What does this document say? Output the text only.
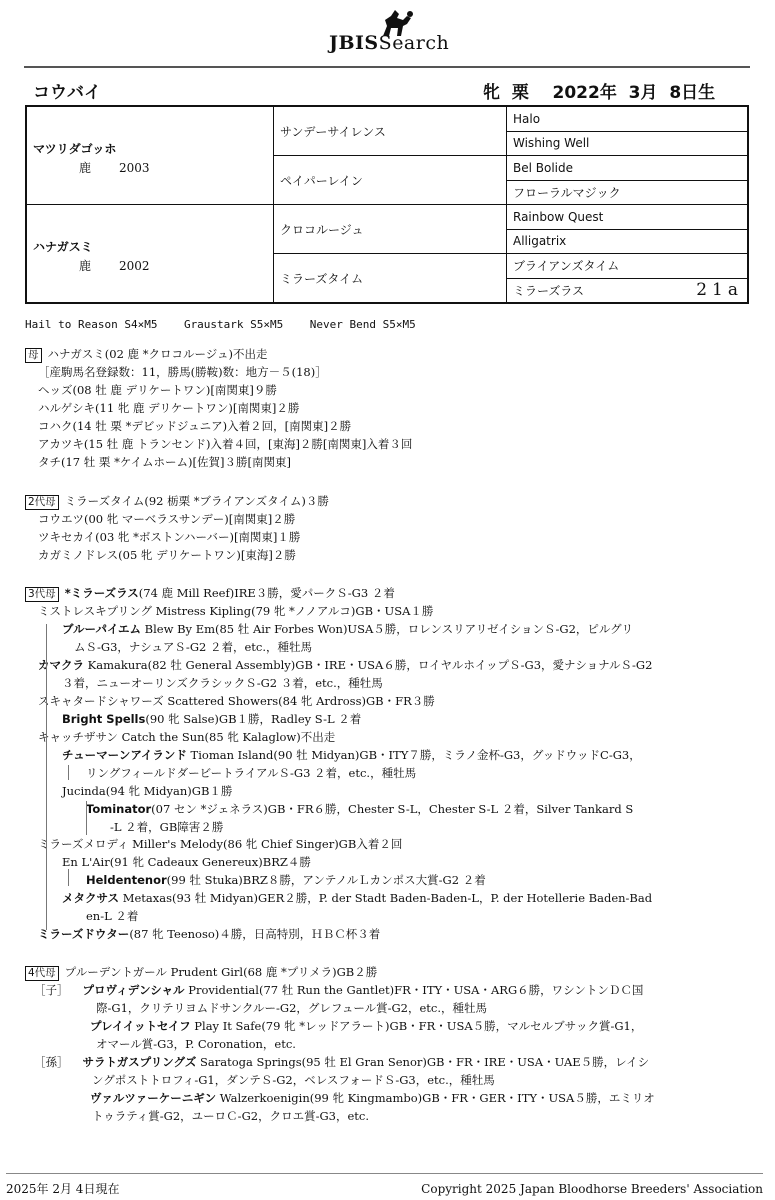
JBISSearch
コウバイ	牝  栗    2022年  3月  8日生
マツリダゴッホ
鹿 2003	サンデーサイレンス	Halo
		Wishing Well
	ペイパーレイン	Bel Bolide
		フローラルマジック

ハナガスミ
鹿 2002	クロコルージュ	Rainbow Quest
		Alligatrix
	ミラーズタイム	ブライアンズタイム
		ミラーズラス 21a
Hail to Reason S4×M5    Graustark S5×M5    Never Bend S5×M5
母 ハナガスミ(02 鹿 *クロコルージュ)不出走
［産駒馬名登録数：11，勝馬(勝鞍)数：地方－５(18)］
ヘッズ(08 牡 鹿 デリケートワン)[南関東]９勝
ハルゲシキ(11 牝 鹿 デリケートワン)[南関東]２勝
コハク(14 牡 栗 *デビッドジュニア)入着２回，[南関東]２勝
アカツキ(15 牡 鹿 トランセンド)入着４回，[東海]２勝[南関東]入着３回
タチ(17 牡 栗 *ケイムホーム)[佐賀]３勝[南関東]
2代母 ミラーズタイム(92 栃栗 *ブライアンズタイム)３勝
コウエツ(00 牝 マーベラスサンデー)[南関東]２勝
ツキセカイ(03 牝 *ボストンハーバー)[南関東]１勝
カガミノドレス(05 牝 デリケートワン)[東海]２勝
3代母 *ミラーズラス(74 鹿 Mill Reef)IRE３勝，愛パークＳ-G3 ２着
ミストレスキプリング Mistress Kipling(79 牝 *ノノアルコ)GB・USA１勝
ブルーパイエム Blew By Em(85 牡 Air Forbes Won)USA５勝，ロレンスリアリゼイションＳ-G2，ピルグリ
ムＳ-G3，ナシュアＳ-G2 ２着，etc.，種牡馬
カマクラ Kamakura(82 牡 General Assembly)GB・IRE・USA６勝，ロイヤルホイップＳ-G3，愛ナショナルＳ-G2
３着，ニューオーリンズクラシックＳ-G2 ３着，etc.，種牡馬
スキャタードシャワーズ Scattered Showers(84 牝 Ardross)GB・FR３勝
Bright Spells(90 牝 Salse)GB１勝，Radley S-L ２着
キャッチザサン Catch the Sun(85 牝 Kalaglow)不出走
チューマーンアイランド Tioman Island(90 牡 Midyan)GB・ITY７勝，ミラノ金杯-G3，グッドウッドC-G3，
リングフィールドダービートライアルＳ-G3 ２着，etc.，種牡馬
Jucinda(94 牝 Midyan)GB１勝
Tominator(07 セン *ジェネラス)GB・FR６勝，Chester S-L，Chester S-L ２着，Silver Tankard S
-L ２着，GB障害２勝
ミラーズメロディ Miller's Melody(86 牝 Chief Singer)GB入着２回
En L'Air(91 牝 Cadeaux Genereux)BRZ４勝
Heldentenor(99 牡 Stuka)BRZ８勝，アンテノルＬカンポス大賞-G2 ２着
メタクサス Metaxas(93 牡 Midyan)GER２勝，P. der Stadt Baden-Baden-L，P. der Hotellerie Baden-Bad
en-L ２着
ミラーズドウター(87 牝 Teenoso)４勝，日高特別，ＨＢＣ杯３着
4代母 プルーデントガール Prudent Girl(68 鹿 *プリメラ)GB２勝
［子］ プロヴィデンシャル Providential(77 牡 Run the Gantlet)FR・ITY・USA・ARG６勝，ワシントンＤＣ国
際-G1，クリテリヨムドサンクルー-G2，グレフュール賞-G2，etc.，種牡馬
プレイイットセイフ Play It Safe(79 牝 *レッドアラート)GB・FR・USA５勝，マルセルブサック賞-G1，
オマール賞-G3，P. Coronation，etc.
［孫］ サラトガスプリングズ Saratoga Springs(95 牡 El Gran Senor)GB・FR・IRE・USA・UAE５勝，レイシ
ングポストトロフィ-G1，ダンテＳ-G2，ベレスフォードＳ-G3，etc.，種牡馬
ヴァルツァーケーニギン Walzerkoenigin(99 牝 Kingmambo)GB・FR・GER・ITY・USA５勝，エミリオ
トゥラティ賞-G2，ユーロＣ-G2，クロエ賞-G3，etc.
2025年 2月 4日現在	Copyright 2025 Japan Bloodhorse Breeders' Association
